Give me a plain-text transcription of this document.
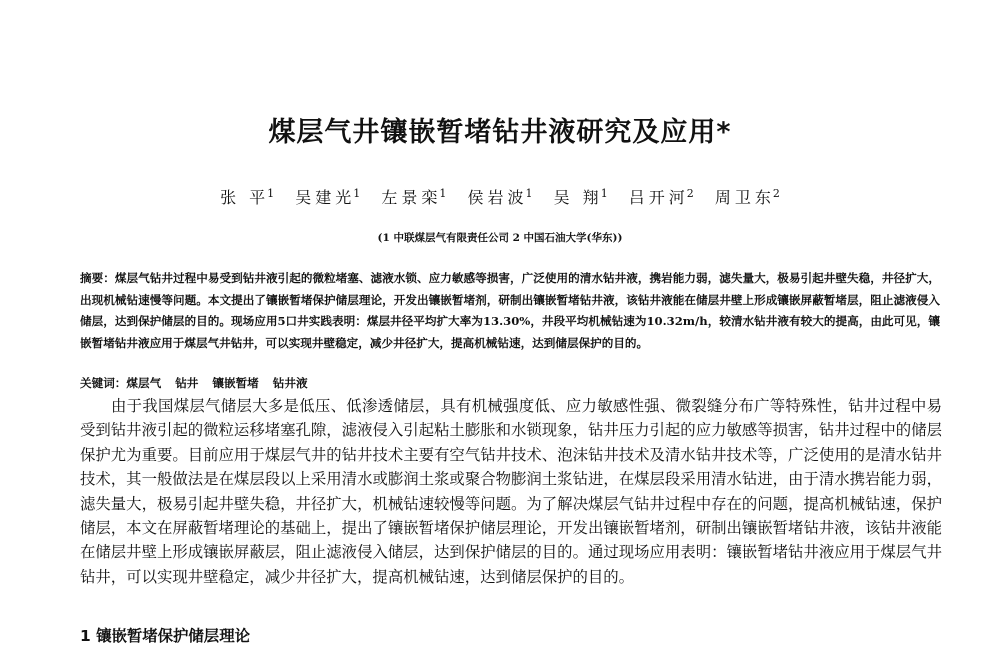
煤层气井镶嵌暂堵钻井液研究及应用*
张 平$^1$ 吴建光$^1$ 左景栾$^1$ 侯岩波$^1$ 吴 翔$^1$ 吕开河$^2$ 周卫东$^2$
(1 中联煤层气有限责任公司 2 中国石油大学(华东))
摘要：煤层气钻井过程中易受到钻井液引起的微粒堵塞、滤液水锁、应力敏感等损害，广泛使用的清水钻井液，携岩能力弱，滤失量大，极易引起井壁失稳，井径扩大，出现机械钻速慢等问题。本文提出了镶嵌暂堵保护储层理论，开发出镶嵌暂堵剂，研制出镶嵌暂堵钻井液，该钻井液能在储层井壁上形成镶嵌屏蔽暂堵层，阻止滤液侵入储层，达到保护储层的目的。现场应用5口井实践表明：煤层井径平均扩大率为13.30%，井段平均机械钻速为10.32m/h，较清水钻井液有较大的提高，由此可见，镶嵌暂堵钻井液应用于煤层气井钻井，可以实现井壁稳定，减少井径扩大，提高机械钻速，达到储层保护的目的。
关键词：煤层气 钻井 镶嵌暂堵 钻井液
由于我国煤层气储层大多是低压、低渗透储层，具有机械强度低、应力敏感性强、微裂缝分布广等特殊性，钻井过程中易受到钻井液引起的微粒运移堵塞孔隙，滤液侵入引起粘土膨胀和水锁现象，钻井压力引起的应力敏感等损害，钻井过程中的储层保护尤为重要。目前应用于煤层气井的钻井技术主要有空气钻井技术、泡沫钻井技术及清水钻井技术等，广泛使用的是清水钻井技术，其一般做法是在煤层段以上采用清水或膨润土浆或聚合物膨润土浆钻进，在煤层段采用清水钻进，由于清水携岩能力弱，滤失量大，极易引起井壁失稳，井径扩大，机械钻速较慢等问题。为了解决煤层气钻井过程中存在的问题，提高机械钻速，保护储层，本文在屏蔽暂堵理论的基础上，提出了镶嵌暂堵保护储层理论，开发出镶嵌暂堵剂，研制出镶嵌暂堵钻井液，该钻井液能在储层井壁上形成镶嵌屏蔽层，阻止滤液侵入储层，达到保护储层的目的。通过现场应用表明：镶嵌暂堵钻井液应用于煤层气井钻井，可以实现井壁稳定，减少井径扩大，提高机械钻速，达到储层保护的目的。
1 镶嵌暂堵保护储层理论
